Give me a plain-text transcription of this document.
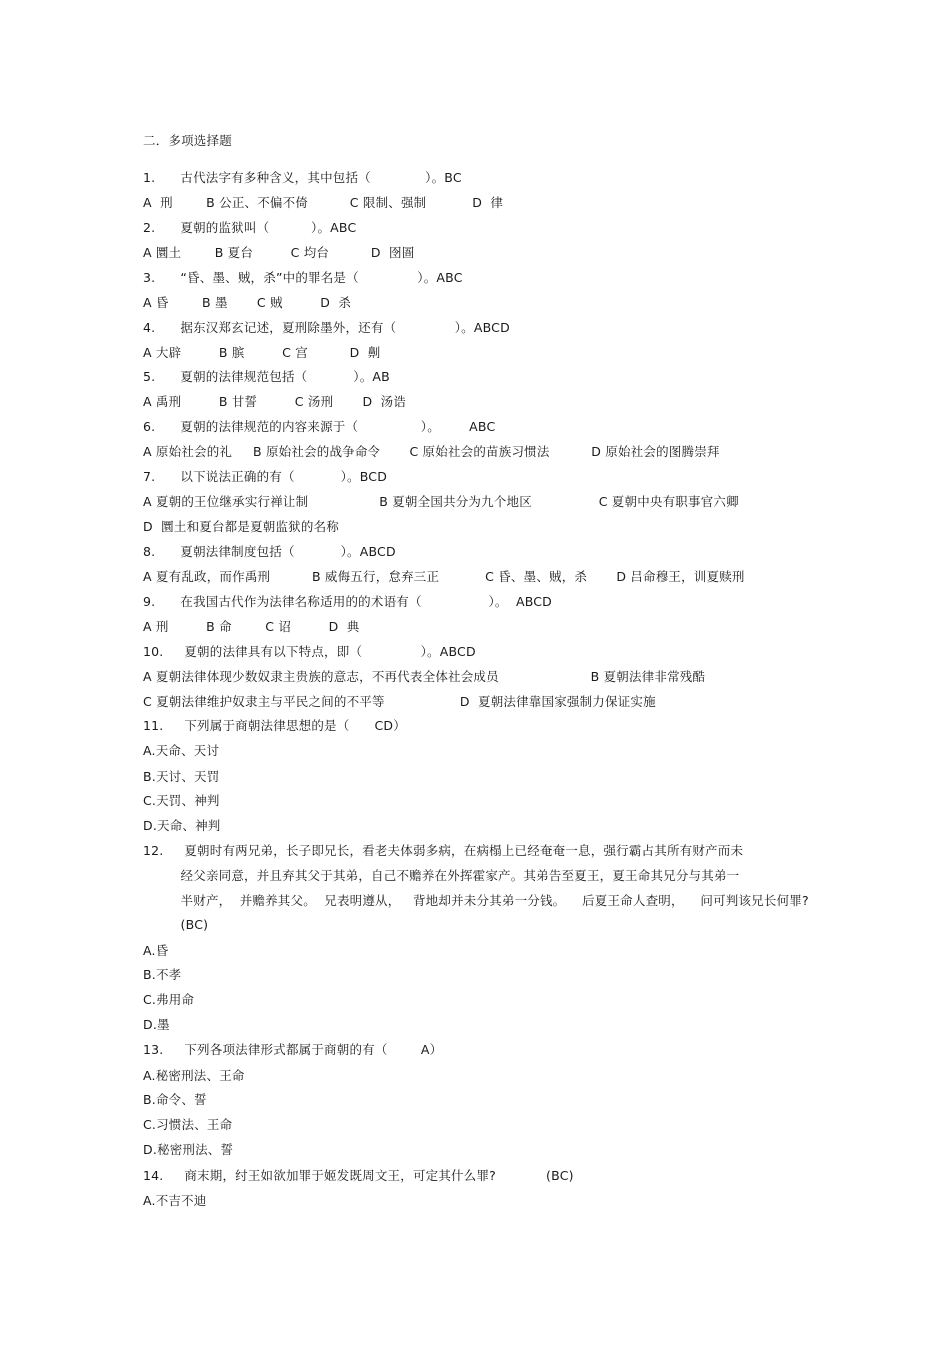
二．多项选择题
1.      古代法字有多种含义，其中包括（             ）。BC
A  刑        B 公正、不偏不倚          C 限制、强制           D  律
2.      夏朝的监狱叫（          ）。ABC
A 圜土        B 夏台         C 均台          D  囹圄
3.      “昏、墨、贼，杀”中的罪名是（              ）。ABC
A 昏        B 墨       C 贼         D  杀
4.      据东汉郑玄记述，夏刑除墨外，还有（              ）。ABCD
A 大辟         B 膑         C 宫          D  劓
5.      夏朝的法律规范包括（           ）。AB
A 禹刑         B 甘誓         C 汤刑       D  汤诰
6.      夏朝的法律规范的内容来源于（               ）。       ABC
A 原始社会的礼     B 原始社会的战争命令       C 原始社会的苗族习惯法          D 原始社会的图腾崇拜
7.      以下说法正确的有（           ）。BCD
A 夏朝的王位继承实行禅让制                 B 夏朝全国共分为九个地区                C 夏朝中央有职事官六卿
D  圜土和夏台都是夏朝监狱的名称
8.      夏朝法律制度包括（           ）。ABCD
A 夏有乱政，而作禹刑          B 威侮五行，怠弃三正           C 昏、墨、贼，杀       D 吕命穆王，训夏赎刑
9.      在我国古代作为法律名称适用的的术语有（                ）。  ABCD
A 刑         B 命        C 诏         D  典
10.     夏朝的法律具有以下特点，即（              ）。ABCD
A 夏朝法律体现少数奴隶主贵族的意志，不再代表全体社会成员                      B 夏朝法律非常残酷
C 夏朝法律维护奴隶主与平民之间的不平等                  D  夏朝法律靠国家强制力保证实施
11.     下列属于商朝法律思想的是（      CD）
A.天命、天讨
B.天讨、天罚
C.天罚、神判
D.天命、神判
12.     夏朝时有两兄弟，长子即兄长，看老夫体弱多病，在病榻上已经奄奄一息，强行霸占其所有财产而未
经父亲同意，并且弃其父于其弟，自己不赡养在外挥霍家产。其弟告至夏王，夏王命其兄分与其弟一
半财产，  并赡养其父。  兄表明遵从，   背地却并未分其弟一分钱。    后夏王命人查明，    问可判该兄长何罪?
(BC)
A.昏
B.不孝
C.弗用命
D.墨
13.     下列各项法律形式都属于商朝的有（        A）
A.秘密刑法、王命
B.命令、誓
C.习惯法、王命
D.秘密刑法、誓
14.     商末期，纣王如欲加罪于姬发既周文王，可定其什么罪?            (BC)
A.不吉不迪
